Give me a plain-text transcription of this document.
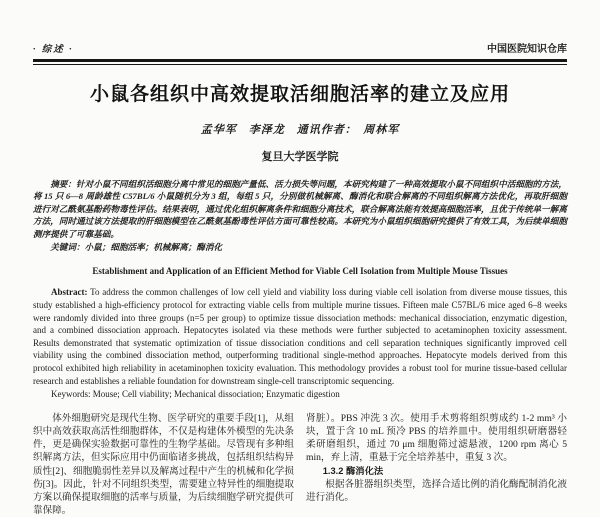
· 综述 ·	中国医院知识仓库
小鼠各组织中高效提取活细胞活率的建立及应用
孟华军　李泽龙　通讯作者：　周林军
复旦大学医学院
摘要：针对小鼠不同组织活细胞分离中常见的细胞产量低、活力损失等问题，本研究构建了一种高效提取小鼠不同组织中活细胞的方法，将 15 只 6—8 周龄雄性 C57BL/6 小鼠随机分为 3 组，每组 5 只，分别做机械解离、酶消化和联合解离的不同组织解离方法优化，再取肝细胞进行对乙酰氨基酚药物毒性评估。结果表明，通过优化组织解离条件和细胞分离技术，联合解离法能有效提高细胞活率，且优于传统单一解离方法，同时通过该方法提取的肝细胞模型在乙酰氨基酚毒性评估方面可靠性较高。本研究为小鼠组织细胞研究提供了有效工具，为后续单细胞测序提供了可靠基础。
关键词：小鼠；细胞活率；机械解离；酶消化
Establishment and Application of an Efficient Method for Viable Cell Isolation from Multiple Mouse Tissues
Abstract: To address the common challenges of low cell yield and viability loss during viable cell isolation from diverse mouse tissues, this study established a high-efficiency protocol for extracting viable cells from multiple murine tissues. Fifteen male C57BL/6 mice aged 6–8 weeks were randomly divided into three groups (n=5 per group) to optimize tissue dissociation methods: mechanical dissociation, enzymatic digestion, and a combined dissociation approach. Hepatocytes isolated via these methods were further subjected to acetaminophen toxicity assessment. Results demonstrated that systematic optimization of tissue dissociation conditions and cell separation techniques significantly improved cell viability using the combined dissociation method, outperforming traditional single-method approaches. Hepatocyte models derived from this protocol exhibited high reliability in acetaminophen toxicity evaluation. This methodology provides a robust tool for murine tissue-based cellular research and establishes a reliable foundation for downstream single-cell transcriptomic sequencing.
Keywords: Mouse; Cell viability; Mechanical dissociation; Enzymatic digestion

体外细胞研究是现代生物、医学研究的重要手段[1]，从组织中高效获取高活性细胞群体，不仅是构建体外模型的先决条件，更是确保实验数据可靠性的生物学基础。尽管现有多种组织解离方法，但实际应用中仍面临诸多挑战，包括组织结构异质性[2]、细胞脆弱性差异以及解离过程中产生的机械和化学损伤[3]。因此，针对不同组织类型，需要建立特异性的细胞提取方案以确保提取细胞的活率与质量，为后续细胞学研究提供可靠保障。

肾脏）。PBS 冲洗 3 次。使用手术剪将组织剪成约 1-2 mm³ 小块，置于含 10 mL 预冷 PBS 的培养皿中。使用组织研磨器轻柔研磨组织，通过 70 μm 细胞筛过滤悬液，1200 rpm 离心 5 min，弃上清，重悬于完全培养基中，重复 3 次。

1.3.2 酶消化法

根据各脏器组织类型，选择合适比例的消化酶配制消化液进行消化。
